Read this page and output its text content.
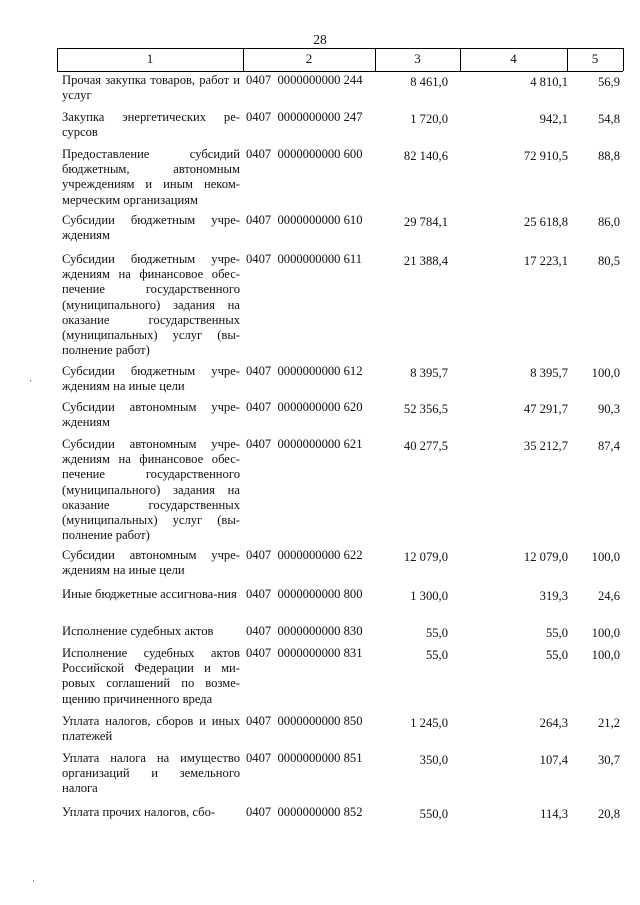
28
1	2	3	4	5
Прочая закупка товаров, работ и услуг
0407  0000000000 244	8 461,0	4 810,1	56,9
Закупка энергетических ре-сурсов
0407  0000000000 247	1 720,0	942,1	54,8
Предоставление субсидий бюджетным, автономным учреждениям и иным неком-мерческим организациям
0407  0000000000 600	82 140,6	72 910,5	88,8
Субсидии бюджетным учре-ждениям
0407  0000000000 610	29 784,1	25 618,8	86,0
Субсидии бюджетным учре-ждениям на финансовое обес-печение государственного (муниципального) задания на оказание государственных (муниципальных) услуг (вы-полнение работ)
0407  0000000000 611	21 388,4	17 223,1	80,5
Субсидии бюджетным учре-ждениям на иные цели
0407  0000000000 612	8 395,7	8 395,7	100,0
Субсидии автономным учре-ждениям
0407  0000000000 620	52 356,5	47 291,7	90,3
Субсидии автономным учре-ждениям на финансовое обес-печение государственного (муниципального) задания на оказание государственных (муниципальных) услуг (вы-полнение работ)
0407  0000000000 621	40 277,5	35 212,7	87,4
Субсидии автономным учре-ждениям на иные цели
0407  0000000000 622	12 079,0	12 079,0	100,0
Иные бюджетные ассигнова-ния 0407  0000000000 800	1 300,0	319,3	24,6
Исполнение судебных актов	0407  0000000000 830	55,0	55,0	100,0
Исполнение судебных актов Российской Федерации и ми-ровых соглашений по возме-щению причиненного вреда
0407  0000000000 831	55,0	55,0	100,0
Уплата налогов, сборов и иных платежей
0407  0000000000 850	1 245,0	264,3	21,2
Уплата налога на имущество организаций и земельного налога
0407  0000000000 851	350,0	107,4	30,7
Уплата прочих налогов, сбо-	0407  0000000000 852	550,0	114,3	20,8
